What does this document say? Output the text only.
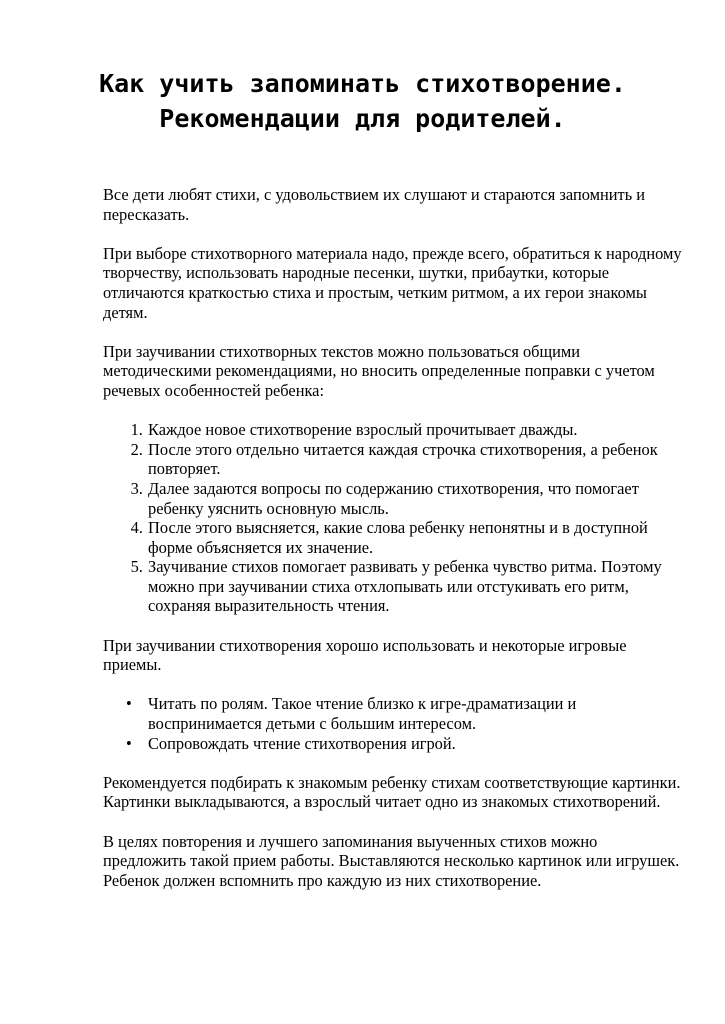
Как учить запоминать стихотворение. Рекомендации для родителей.

Все дети любят стихи, с удовольствием их слушают и стараются запомнить и пересказать.

При выборе стихотворного материала надо, прежде всего, обратиться к народному творчеству, использовать народные песенки, шутки, прибаутки, которые отличаются краткостью стиха и простым, четким ритмом, а их герои знакомы детям.

При заучивании стихотворных текстов можно пользоваться общими методическими рекомендациями, но вносить определенные поправки с учетом речевых особенностей ребенка:

1. Каждое новое стихотворение взрослый прочитывает дважды.
2. После этого отдельно читается каждая строчка стихотворения, а ребенок повторяет.
3. Далее задаются вопросы по содержанию стихотворения, что помогает ребенку уяснить основную мысль.
4. После этого выясняется, какие слова ребенку непонятны и в доступной форме объясняется их значение.
5. Заучивание стихов помогает развивать у ребенка чувство ритма. Поэтому можно при заучивании стиха отхлопывать или отстукивать его ритм, сохраняя выразительность чтения.

При заучивании стихотворения хорошо использовать и некоторые игровые приемы.

• Читать по ролям. Такое чтение близко к игре-драматизации и воспринимается детьми с большим интересом.
• Сопровождать чтение стихотворения игрой.

Рекомендуется подбирать к знакомым ребенку стихам соответствующие картинки. Картинки выкладываются, а взрослый читает одно из знакомых стихотворений.

В целях повторения и лучшего запоминания выученных стихов можно предложить такой прием работы. Выставляются несколько картинок или игрушек. Ребенок должен вспомнить про каждую из них стихотворение.
